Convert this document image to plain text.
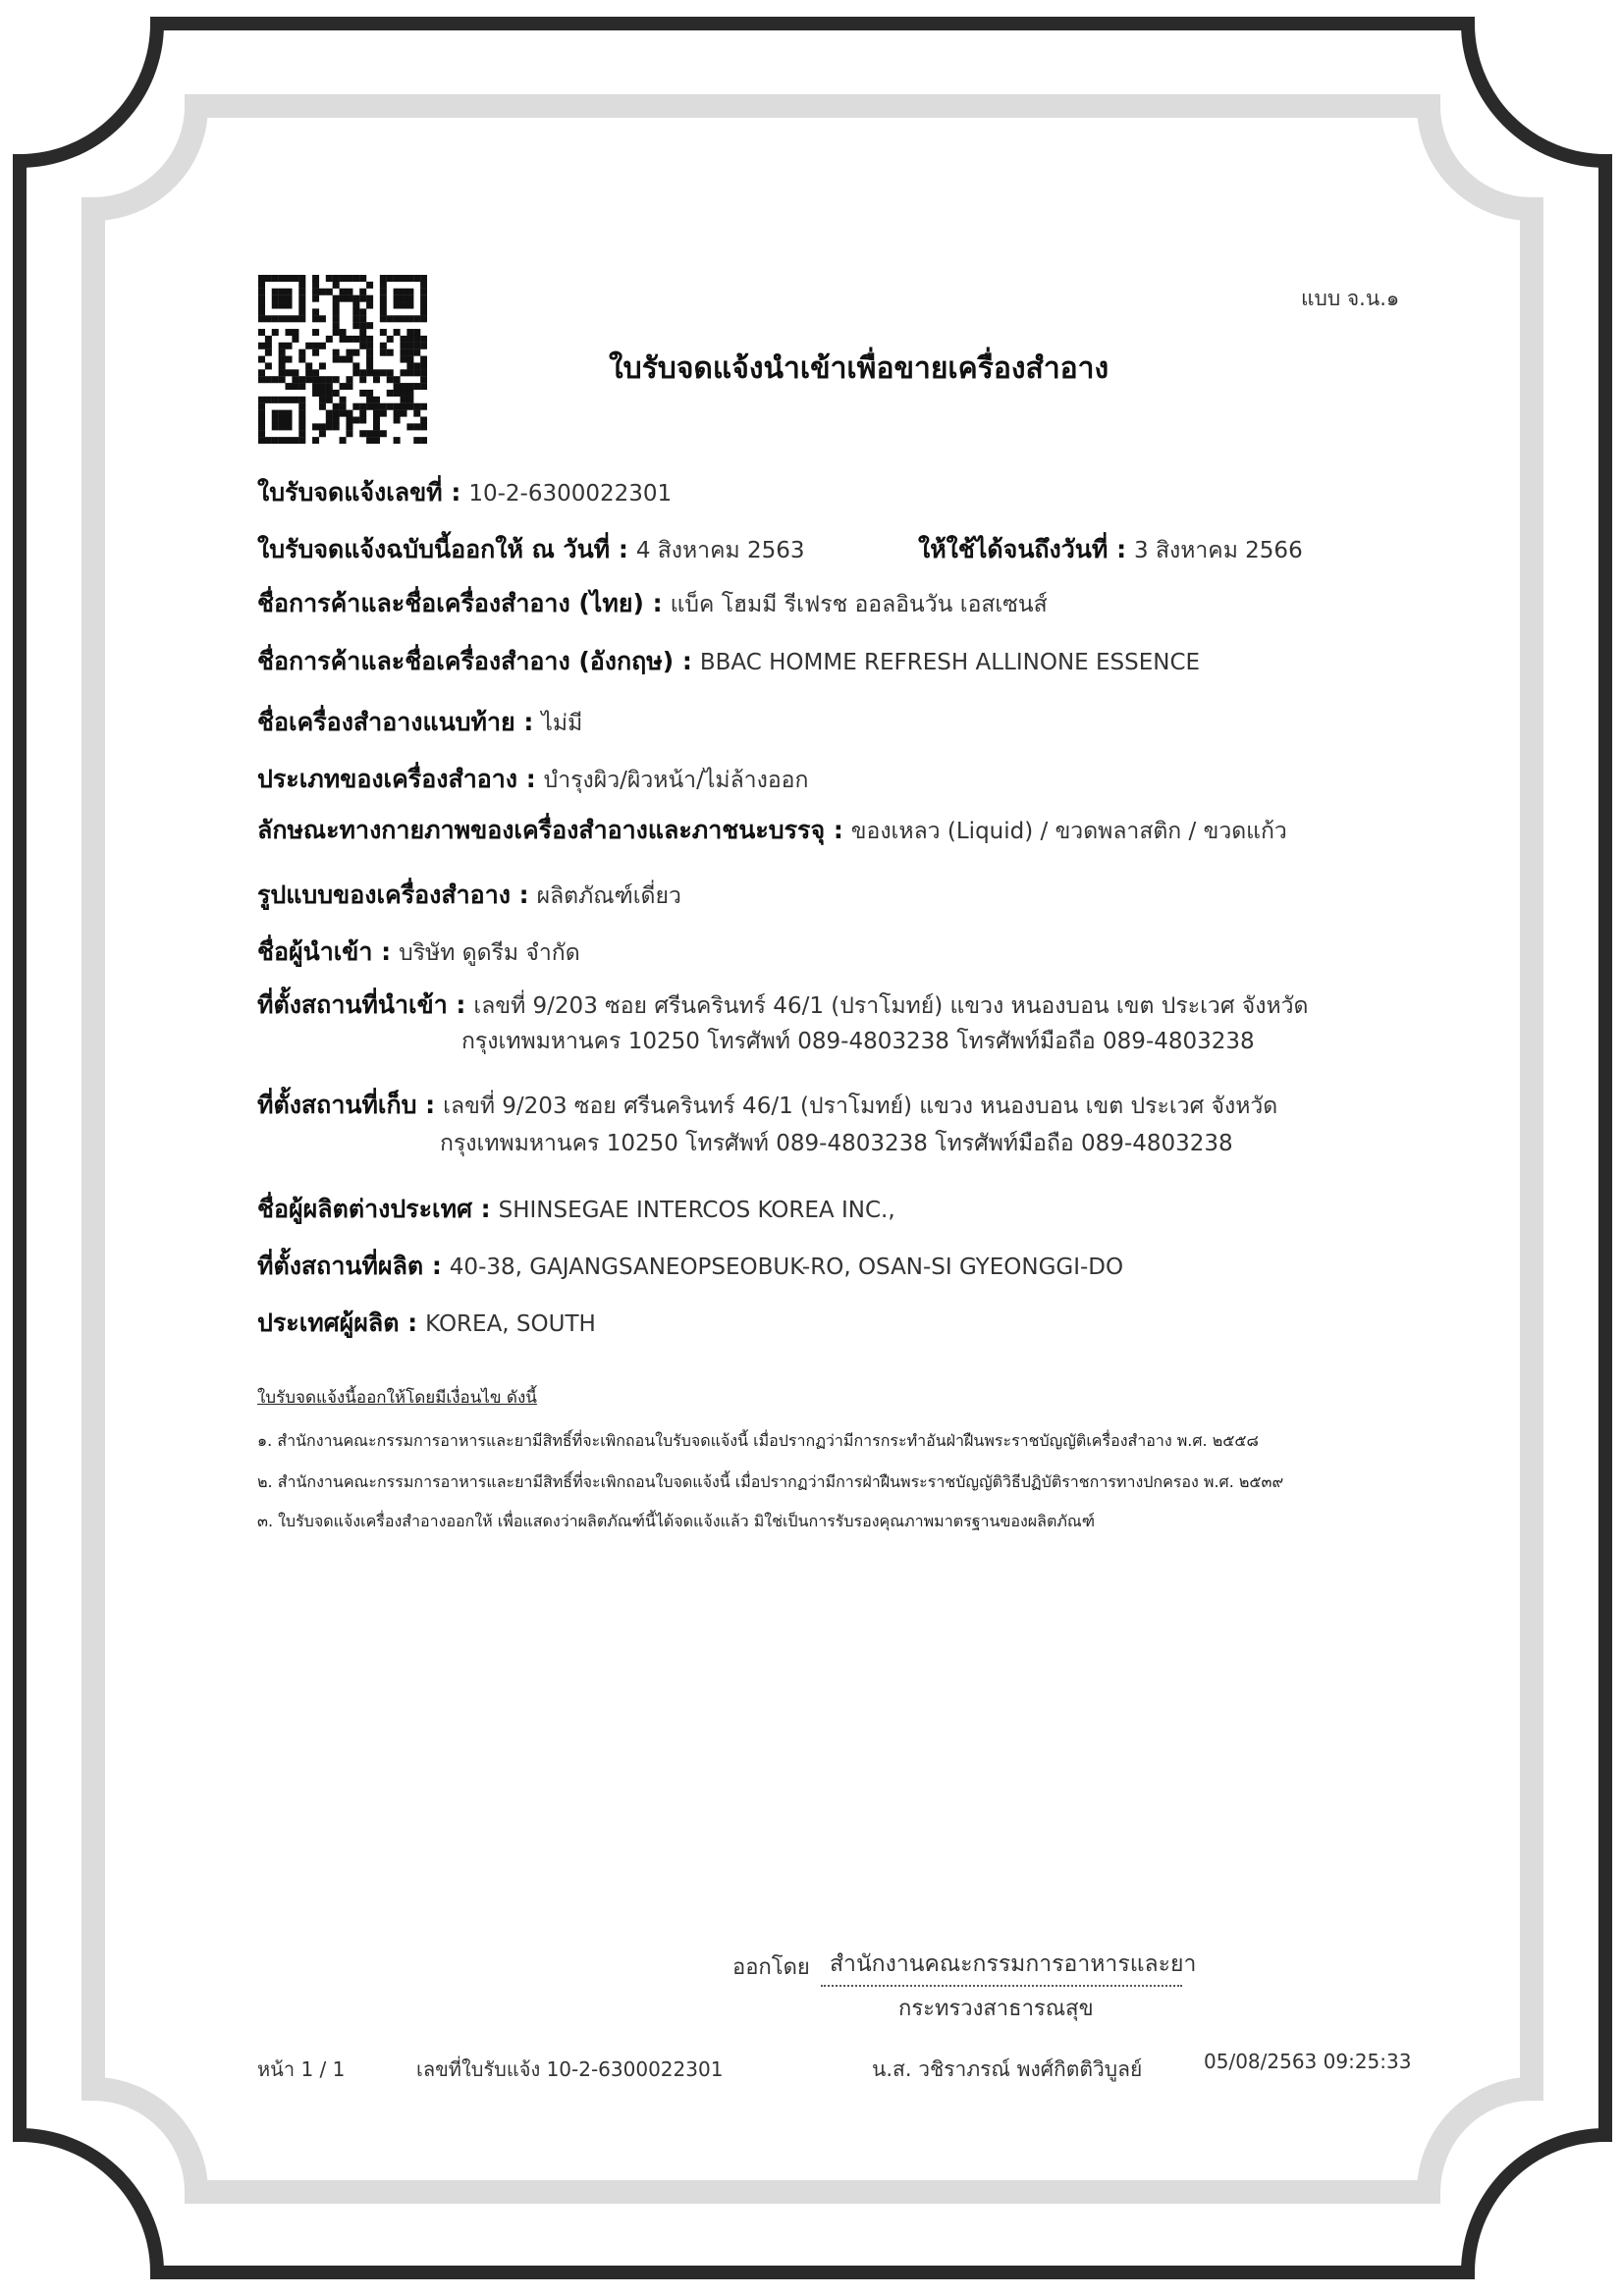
แบบ จ.น.๑
ใบรับจดแจ้งนำเข้าเพื่อขายเครื่องสำอาง
ใบรับจดแจ้งเลขที่ : 10-2-6300022301
ใบรับจดแจ้งฉบับนี้ออกให้ ณ วันที่ : 4 สิงหาคม 2563	ให้ใช้ได้จนถึงวันที่ : 3 สิงหาคม 2566
ชื่อการค้าและชื่อเครื่องสำอาง (ไทย) : แบ็ค โฮมมี รีเฟรช ออลอินวัน เอสเซนส์
ชื่อการค้าและชื่อเครื่องสำอาง (อังกฤษ) : BBAC HOMME REFRESH ALLINONE ESSENCE
ชื่อเครื่องสำอางแนบท้าย : ไม่มี
ประเภทของเครื่องสำอาง : บำรุงผิว/ผิวหน้า/ไม่ล้างออก
ลักษณะทางกายภาพของเครื่องสำอางและภาชนะบรรจุ : ของเหลว (Liquid) / ขวดพลาสติก / ขวดแก้ว
รูปแบบของเครื่องสำอาง : ผลิตภัณฑ์เดี่ยว
ชื่อผู้นำเข้า : บริษัท ดูดรีม จำกัด
ที่ตั้งสถานที่นำเข้า : เลขที่ 9/203 ซอย ศรีนครินทร์ 46/1 (ปราโมทย์) แขวง หนองบอน เขต ประเวศ จังหวัด
กรุงเทพมหานคร 10250 โทรศัพท์ 089-4803238 โทรศัพท์มือถือ 089-4803238
ที่ตั้งสถานที่เก็บ : เลขที่ 9/203 ซอย ศรีนครินทร์ 46/1 (ปราโมทย์) แขวง หนองบอน เขต ประเวศ จังหวัด
กรุงเทพมหานคร 10250 โทรศัพท์ 089-4803238 โทรศัพท์มือถือ 089-4803238
ชื่อผู้ผลิตต่างประเทศ : SHINSEGAE INTERCOS KOREA INC.,
ที่ตั้งสถานที่ผลิต : 40-38, GAJANGSANEOPSEOBUK-RO, OSAN-SI GYEONGGI-DO
ประเทศผู้ผลิต : KOREA, SOUTH
ใบรับจดแจ้งนี้ออกให้โดยมีเงื่อนไข ดังนี้
๑. สำนักงานคณะกรรมการอาหารและยามีสิทธิ์ที่จะเพิกถอนใบรับจดแจ้งนี้ เมื่อปรากฏว่ามีการกระทำอันฝ่าฝืนพระราชบัญญัติเครื่องสำอาง พ.ศ. ๒๕๕๘
๒. สำนักงานคณะกรรมการอาหารและยามีสิทธิ์ที่จะเพิกถอนใบจดแจ้งนี้ เมื่อปรากฏว่ามีการฝ่าฝืนพระราชบัญญัติวิธีปฏิบัติราชการทางปกครอง พ.ศ. ๒๕๓๙
๓. ใบรับจดแจ้งเครื่องสำอางออกให้ เพื่อแสดงว่าผลิตภัณฑ์นี้ได้จดแจ้งแล้ว มิใช่เป็นการรับรองคุณภาพมาตรฐานของผลิตภัณฑ์
ออกโดย สำนักงานคณะกรรมการอาหารและยา
กระทรวงสาธารณสุข
หน้า 1 / 1	เลขที่ใบรับแจ้ง 10-2-6300022301	น.ส. วชิราภรณ์ พงศ์กิตติวิบูลย์	05/08/2563 09:25:33
